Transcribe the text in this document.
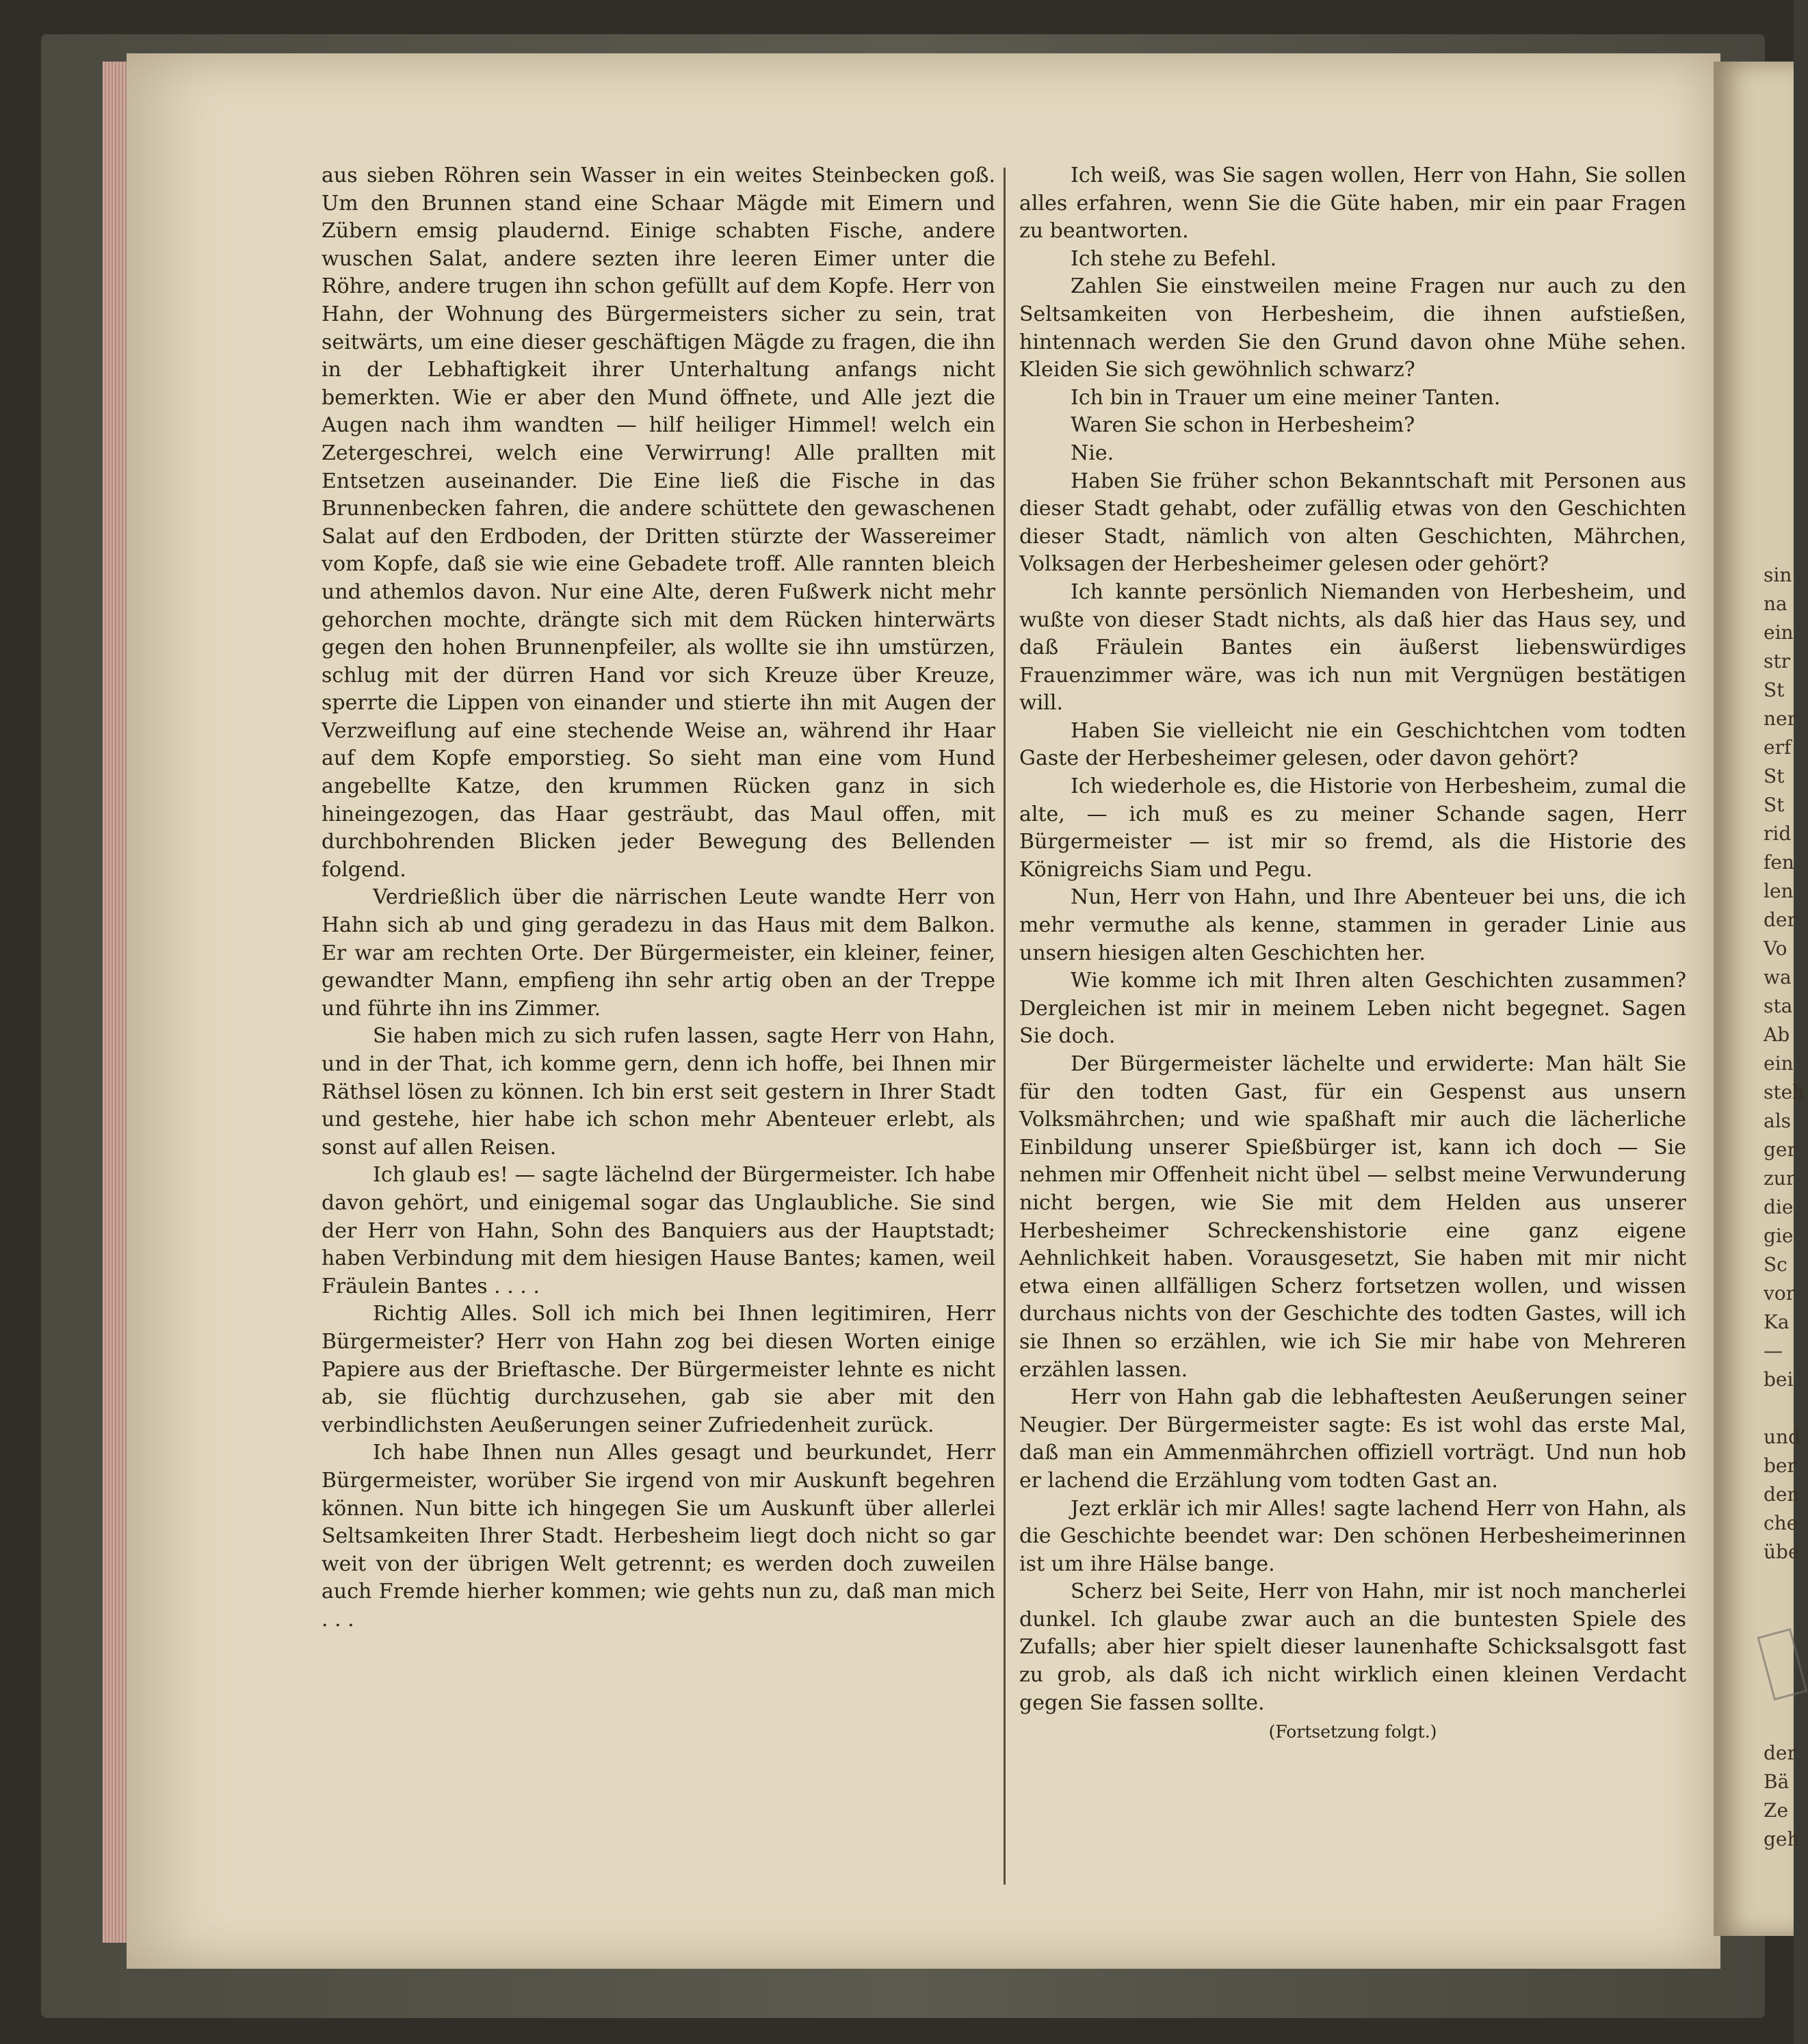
aus sieben Röhren sein Wasser in ein weites Steinbecken goß. Um den Brunnen stand eine Schaar Mägde mit Eimern und Zübern emsig plaudernd. Einige schabten Fische, andere wuschen Salat, andere sezten ihre leeren Eimer unter die Röhre, andere trugen ihn schon gefüllt auf dem Kopfe. Herr von Hahn, der Wohnung des Bürgermeisters sicher zu sein, trat seitwärts, um eine dieser geschäftigen Mägde zu fragen, die ihn in der Lebhaftigkeit ihrer Unterhaltung anfangs nicht bemerkten. Wie er aber den Mund öffnete, und Alle jezt die Augen nach ihm wandten — hilf heiliger Himmel! welch ein Zetergeschrei, welch eine Verwirrung! Alle prallten mit Entsetzen auseinander. Die Eine ließ die Fische in das Brunnenbecken fahren, die andere schüttete den gewaschenen Salat auf den Erdboden, der Dritten stürzte der Wassereimer vom Kopfe, daß sie wie eine Gebadete troff. Alle rannten bleich und athemlos davon. Nur eine Alte, deren Fußwerk nicht mehr gehorchen mochte, drängte sich mit dem Rücken hinterwärts gegen den hohen Brunnenpfeiler, als wollte sie ihn umstürzen, schlug mit der dürren Hand vor sich Kreuze über Kreuze, sperrte die Lippen von einander und stierte ihn mit Augen der Verzweiflung auf eine stechende Weise an, während ihr Haar auf dem Kopfe emporstieg. So sieht man eine vom Hund angebellte Katze, den krummen Rücken ganz in sich hineingezogen, das Haar gesträubt, das Maul offen, mit durchbohrenden Blicken jeder Bewegung des Bellenden folgend.

Verdrießlich über die närrischen Leute wandte Herr von Hahn sich ab und ging geradezu in das Haus mit dem Balkon. Er war am rechten Orte. Der Bürgermeister, ein kleiner, feiner, gewandter Mann, empfieng ihn sehr artig oben an der Treppe und führte ihn ins Zimmer.

Sie haben mich zu sich rufen lassen, sagte Herr von Hahn, und in der That, ich komme gern, denn ich hoffe, bei Ihnen mir Räthsel lösen zu können. Ich bin erst seit gestern in Ihrer Stadt und gestehe, hier habe ich schon mehr Abenteuer erlebt, als sonst auf allen Reisen.

Ich glaub es! — sagte lächelnd der Bürgermeister. Ich habe davon gehört, und einigemal sogar das Unglaubliche. Sie sind der Herr von Hahn, Sohn des Banquiers aus der Hauptstadt; haben Verbindung mit dem hiesigen Hause Bantes; kamen, weil Fräulein Bantes . . . .

Richtig Alles. Soll ich mich bei Ihnen legitimiren, Herr Bürgermeister? Herr von Hahn zog bei diesen Worten einige Papiere aus der Brieftasche. Der Bürgermeister lehnte es nicht ab, sie flüchtig durchzusehen, gab sie aber mit den verbindlichsten Aeußerungen seiner Zufriedenheit zurück.

Ich habe Ihnen nun Alles gesagt und beurkundet, Herr Bürgermeister, worüber Sie irgend von mir Auskunft begehren können. Nun bitte ich hingegen Sie um Auskunft über allerlei Seltsamkeiten Ihrer Stadt. Herbesheim liegt doch nicht so gar weit von der übrigen Welt getrennt; es werden doch zuweilen auch Fremde hierher kommen; wie gehts nun zu, daß man mich . . .

Ich weiß, was Sie sagen wollen, Herr von Hahn, Sie sollen alles erfahren, wenn Sie die Güte haben, mir ein paar Fragen zu beantworten.

Ich stehe zu Befehl.

Zahlen Sie einstweilen meine Fragen nur auch zu den Seltsamkeiten von Herbesheim, die ihnen aufstießen, hintennach werden Sie den Grund davon ohne Mühe sehen. Kleiden Sie sich gewöhnlich schwarz?

Ich bin in Trauer um eine meiner Tanten.

Waren Sie schon in Herbesheim?

Nie.

Haben Sie früher schon Bekanntschaft mit Personen aus dieser Stadt gehabt, oder zufällig etwas von den Geschichten dieser Stadt, nämlich von alten Geschichten, Mährchen, Volksagen der Herbesheimer gelesen oder gehört?

Ich kannte persönlich Niemanden von Herbesheim, und wußte von dieser Stadt nichts, als daß hier das Haus sey, und daß Fräulein Bantes ein äußerst liebenswürdiges Frauenzimmer wäre, was ich nun mit Vergnügen bestätigen will.

Haben Sie vielleicht nie ein Geschichtchen vom todten Gaste der Herbesheimer gelesen, oder davon gehört?

Ich wiederhole es, die Historie von Herbesheim, zumal die alte, — ich muß es zu meiner Schande sagen, Herr Bürgermeister — ist mir so fremd, als die Historie des Königreichs Siam und Pegu.

Nun, Herr von Hahn, und Ihre Abenteuer bei uns, die ich mehr vermuthe als kenne, stammen in gerader Linie aus unsern hiesigen alten Geschichten her.

Wie komme ich mit Ihren alten Geschichten zusammen? Dergleichen ist mir in meinem Leben nicht begegnet. Sagen Sie doch.

Der Bürgermeister lächelte und erwiderte: Man hält Sie für den todten Gast, für ein Gespenst aus unsern Volksmährchen; und wie spaßhaft mir auch die lächerliche Einbildung unserer Spießbürger ist, kann ich doch — Sie nehmen mir Offenheit nicht übel — selbst meine Verwunderung nicht bergen, wie Sie mit dem Helden aus unserer Herbesheimer Schreckenshistorie eine ganz eigene Aehnlichkeit haben. Vorausgesetzt, Sie haben mit mir nicht etwa einen allfälligen Scherz fortsetzen wollen, und wissen durchaus nichts von der Geschichte des todten Gastes, will ich sie Ihnen so erzählen, wie ich Sie mir habe von Mehreren erzählen lassen.

Herr von Hahn gab die lebhaftesten Aeußerungen seiner Neugier. Der Bürgermeister sagte: Es ist wohl das erste Mal, daß man ein Ammenmährchen offiziell vorträgt. Und nun hob er lachend die Erzählung vom todten Gast an.

Jezt erklär ich mir Alles! sagte lachend Herr von Hahn, als die Geschichte beendet war: Den schönen Herbesheimerinnen ist um ihre Hälse bange.

Scherz bei Seite, Herr von Hahn, mir ist noch mancherlei dunkel. Ich glaube zwar auch an die buntesten Spiele des Zufalls; aber hier spielt dieser launenhafte Schicksalsgott fast zu grob, als daß ich nicht wirklich einen kleinen Verdacht gegen Sie fassen sollte.

(Fortsetzung folgt.)

sin
na
ein
str
St
ner
erf
St
St
rid
fen
len
der
Vo
wa
sta
Ab
ein
steh
als
ger
zur
die
gie
Sc
vor
Ka
—
bei
und
ber
den
che
übe
der
Bä
Ze
geh
